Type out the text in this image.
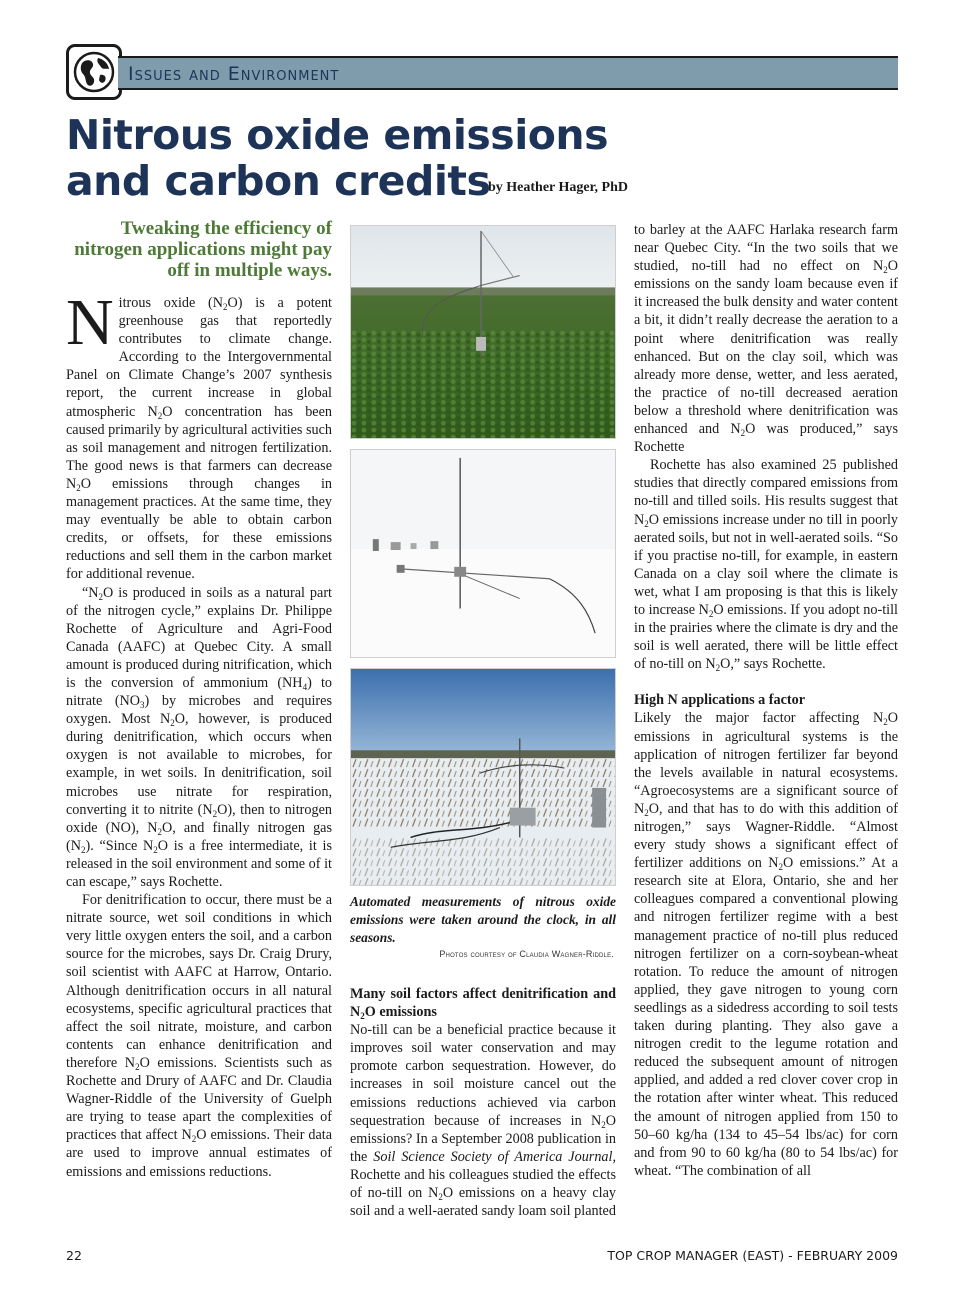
Issues and Environment
Nitrous oxide emissions
and carbon credits
by Heather Hager, PhD
Tweaking the efficiency of nitrogen applications might pay off in multiple ways.

Nitrous oxide $(N_2O)$ is a potent greenhouse gas that reportedly contributes to climate change. According to the Intergovernmental Panel on Climate Change’s 2007 synthesis report, the current increase in global atmospheric $N_2O$ concentration has been caused primarily by agricultural activities such as soil management and nitrogen fertilization. The good news is that farmers can decrease $N_2O$ emissions through changes in management practices. At the same time, they may eventually be able to obtain carbon credits, or offsets, for these emissions reductions and sell them in the carbon market for additional revenue.

“$N_2O$ is produced in soils as a natural part of the nitrogen cycle,” explains Dr. Philippe Rochette of Agriculture and Agri-Food Canada (AAFC) at Quebec City. A small amount is produced during nitrification, which is the conversion of ammonium $(NH_4)$ to nitrate $(NO_3)$ by microbes and requires oxygen. Most $N_2O$, however, is produced during denitrification, which occurs when oxygen is not available to microbes, for example, in wet soils. In denitrification, soil microbes use nitrate for respiration, converting it to nitrite $(N_2O)$, then to nitrogen oxide (NO), $N_2O$, and finally nitrogen gas $(N_2)$. “Since $N_2O$ is a free intermediate, it is released in the soil environment and some of it can escape,” says Rochette.

For denitrification to occur, there must be a nitrate source, wet soil conditions in which very little oxygen enters the soil, and a carbon source for the microbes, says Dr. Craig Drury, soil scientist with AAFC at Harrow, Ontario. Although denitrification occurs in all natural ecosystems, specific agricultural practices that affect the soil nitrate, moisture, and carbon contents can enhance denitrification and therefore $N_2O$ emissions. Scientists such as Rochette and Drury of AAFC and Dr. Claudia Wagner-Riddle of the University of Guelph are trying to tease apart the complexities of practices that affect $N_2O$ emissions. Their data are used to improve annual estimates of emissions and emissions reductions.

Automated measurements of nitrous oxide emissions were taken around the clock, in all seasons.
Photos courtesy of Claudia Wagner-Riddle.

Many soil factors affect denitrification and $N_2O$ emissions

No-till can be a beneficial practice because it improves soil water conservation and may promote carbon sequestration. However, do increases in soil moisture cancel out the emissions reductions achieved via carbon sequestration because of increases in $N_2O$ emissions? In a September 2008 publication in the Soil Science Society of America Journal, Rochette and his colleagues studied the effects of no-till on $N_2O$ emissions on a heavy clay soil and a well-aerated sandy loam soil planted

to barley at the AAFC Harlaka research farm near Quebec City. “In the two soils that we studied, no-till had no effect on $N_2O$ emissions on the sandy loam because even if it increased the bulk density and water content a bit, it didn’t really decrease the aeration to a point where denitrification was really enhanced. But on the clay soil, which was already more dense, wetter, and less aerated, the practice of no-till decreased aeration below a threshold where denitrification was enhanced and $N_2O$ was produced,” says Rochette

Rochette has also examined 25 published studies that directly compared emissions from no-till and tilled soils. His results suggest that $N_2O$ emissions increase under no till in poorly aerated soils, but not in well-aerated soils. “So if you practise no-till, for example, in eastern Canada on a clay soil where the climate is wet, what I am proposing is that this is likely to increase $N_2O$ emissions. If you adopt no-till in the prairies where the climate is dry and the soil is well aerated, there will be little effect of no-till on $N_2O$,” says Rochette.

High N applications a factor

Likely the major factor affecting $N_2O$ emissions in agricultural systems is the application of nitrogen fertilizer far beyond the levels available in natural ecosystems. “Agroecosystems are a significant source of $N_2O$, and that has to do with this addition of nitrogen,” says Wagner-Riddle. “Almost every study shows a significant effect of fertilizer additions on $N_2O$ emissions.” At a research site at Elora, Ontario, she and her colleagues compared a conventional plowing and nitrogen fertilizer regime with a best management practice of no-till plus reduced nitrogen fertilizer on a corn-soybean-wheat rotation. To reduce the amount of nitrogen applied, they gave nitrogen to young corn seedlings as a sidedress according to soil tests taken during planting. They also gave a nitrogen credit to the legume rotation and reduced the subsequent amount of nitrogen applied, and added a red clover cover crop in the rotation after winter wheat. This reduced the amount of nitrogen applied from 150 to 50–60 kg/ha (134 to 45–54 lbs/ac) for corn and from 90 to 60 kg/ha (80 to 54 lbs/ac) for wheat. “The combination of all

22	TOP CROP MANAGER (EAST) - FEBRUARY 2009
